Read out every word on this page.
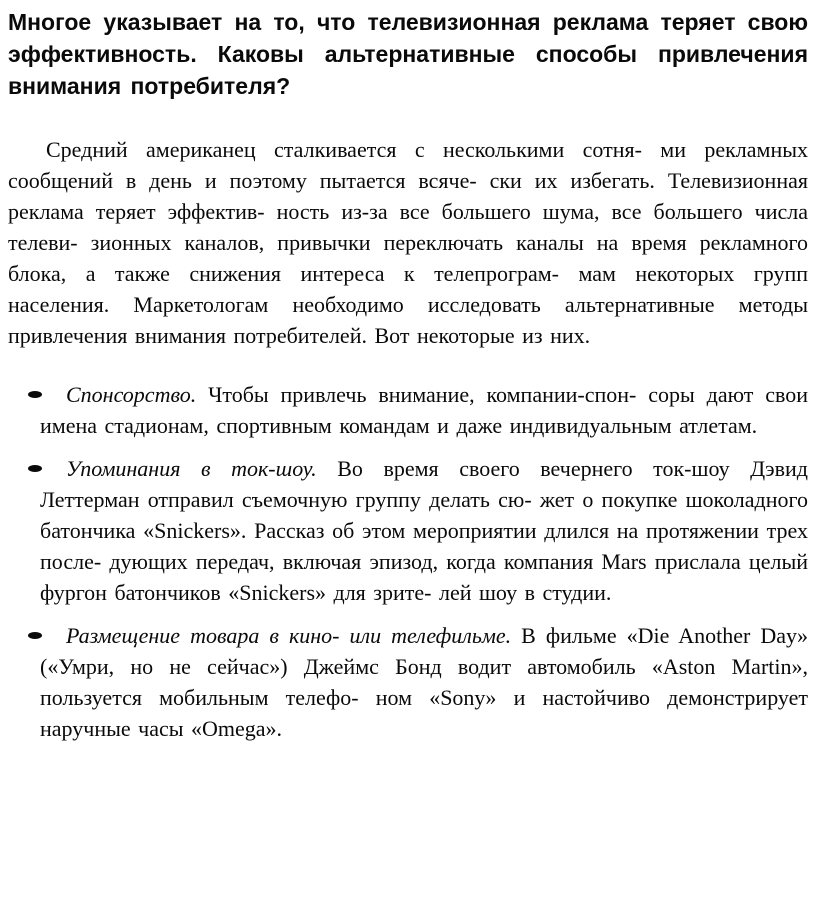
Многое указывает на то, что телевизионная реклама теряет свою эффективность. Каковы альтернативные способы привлечения внимания потребителя?

Средний американец сталкивается с несколькими сотня- ми рекламных сообщений в день и поэтому пытается всяче- ски их избегать. Телевизионная реклама теряет эффектив- ность из-за все большего шума, все большего числа телеви- зионных каналов, привычки переключать каналы на время рекламного блока, а также снижения интереса к телепрограм- мам некоторых групп населения. Маркетологам необходимо исследовать альтернативные методы привлечения внимания потребителей. Вот некоторые из них.

Спонсорство. Чтобы привлечь внимание, компании-спон- соры дают свои имена стадионам, спортивным командам и даже индивидуальным атлетам.

Упоминания в ток-шоу. Во время своего вечернего ток-шоу Дэвид Леттерман отправил съемочную группу делать сю- жет о покупке шоколадного батончика «Snickers». Рассказ об этом мероприятии длился на протяжении трех после- дующих передач, включая эпизод, когда компания Mars прислала целый фургон батончиков «Snickers» для зрите- лей шоу в студии.

Размещение товара в кино- или телефильме. В фильме «Die Another Day» («Умри, но не сейчас») Джеймс Бонд водит автомобиль «Aston Martin», пользуется мобильным телефо- ном «Sony» и настойчиво демонстрирует наручные часы «Omega».
